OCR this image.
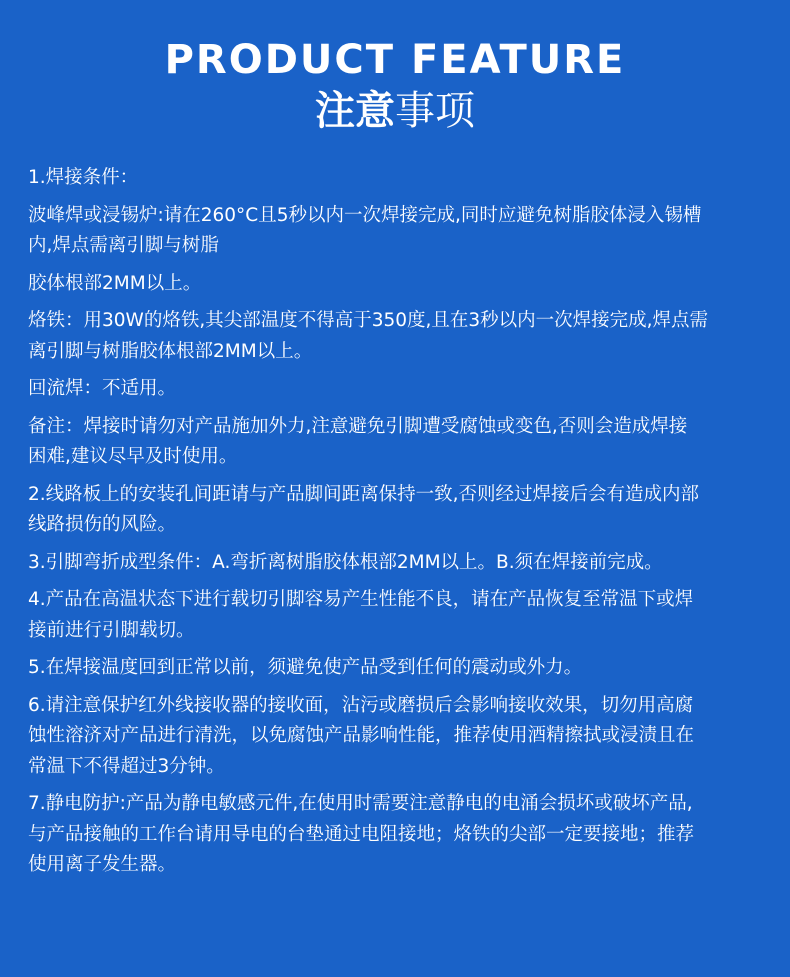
PRODUCT FEATURE
注意事项

1.焊接条件：

波峰焊或浸锡炉:请在260°C且5秒以内一次焊接完成,同时应避免树脂胶体浸入锡槽

内,焊点需离引脚与树脂

胶体根部2MM以上。

烙铁：用30W的烙铁,其尖部温度不得高于350度,且在3秒以内一次焊接完成,焊点需

离引脚与树脂胶体根部2MM以上。

回流焊：不适用。

备注：焊接时请勿对产品施加外力,注意避免引脚遭受腐蚀或变色,否则会造成焊接

困难,建议尽早及时使用。

2.线路板上的安装孔间距请与产品脚间距离保持一致,否则经过焊接后会有造成内部

线路损伤的风险。

3.引脚弯折成型条件：A.弯折离树脂胶体根部2MM以上。B.须在焊接前完成。

4.产品在高温状态下进行载切引脚容易产生性能不良，请在产品恢复至常温下或焊

接前进行引脚载切。

5.在焊接温度回到正常以前，须避免使产品受到任何的震动或外力。

6.请注意保护红外线接收器的接收面，沾污或磨损后会影响接收效果，切勿用高腐

蚀性溶济对产品进行清洗，以免腐蚀产品影响性能，推荐使用酒精擦拭或浸渍且在

常温下不得超过3分钟。

7.静电防护:产品为静电敏感元件,在使用时需要注意静电的电涌会损坏或破坏产品,

与产品接触的工作台请用导电的台垫通过电阻接地；烙铁的尖部一定要接地；推荐

使用离子发生器。
